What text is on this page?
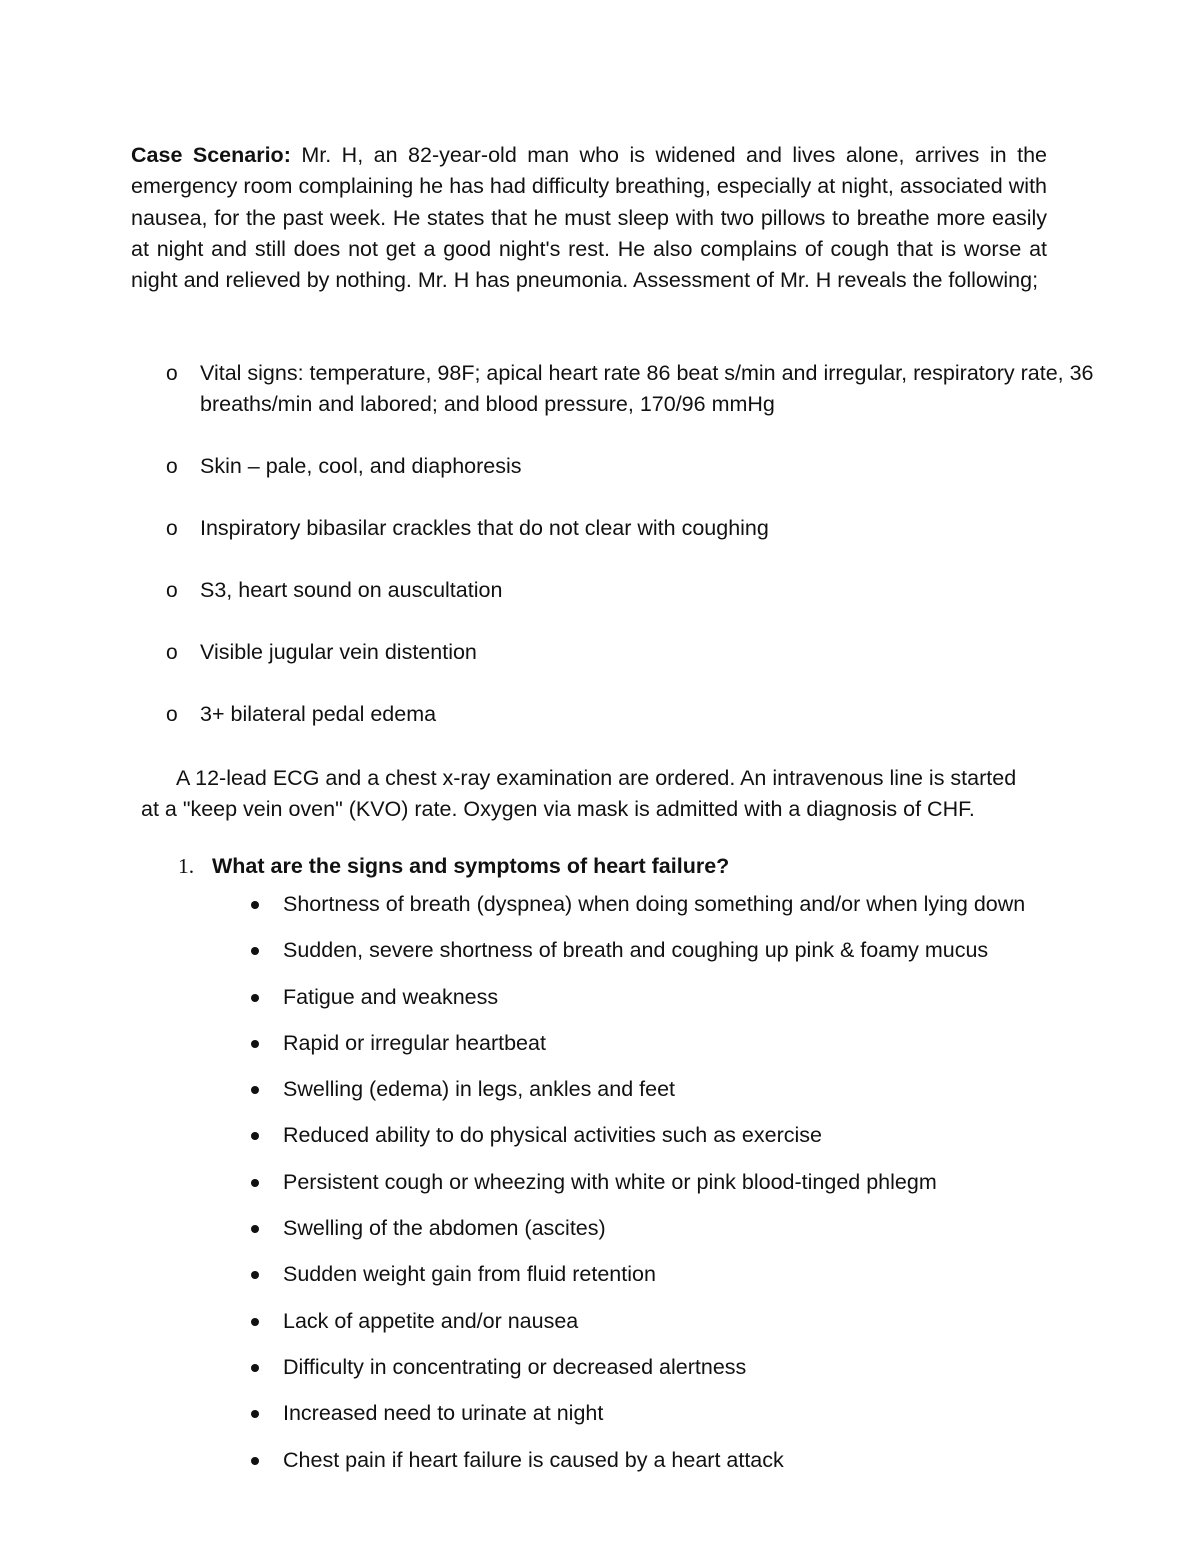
Case Scenario: Mr. H, an 82-year-old man who is widened and lives alone, arrives in the emergency room complaining he has had difficulty breathing, especially at night, associated with nausea, for the past week. He states that he must sleep with two pillows to breathe more easily at night and still does not get a good night's rest. He also complains of cough that is worse at night and relieved by nothing. Mr. H has pneumonia. Assessment of Mr. H reveals the following;

o Vital signs: temperature, 98F; apical heart rate 86 beat s/min and irregular, respiratory rate, 36 breaths/min and labored; and blood pressure, 170/96 mmHg
o Skin – pale, cool, and diaphoresis
o Inspiratory bibasilar crackles that do not clear with coughing
o S3, heart sound on auscultation
o Visible jugular vein distention
o 3+ bilateral pedal edema

A 12-lead ECG and a chest x-ray examination are ordered. An intravenous line is started
at a "keep vein oven" (KVO) rate. Oxygen via mask is admitted with a diagnosis of CHF.

1. What are the signs and symptoms of heart failure?

Shortness of breath (dyspnea) when doing something and/or when lying down
Sudden, severe shortness of breath and coughing up pink & foamy mucus
Fatigue and weakness
Rapid or irregular heartbeat
Swelling (edema) in legs, ankles and feet
Reduced ability to do physical activities such as exercise
Persistent cough or wheezing with white or pink blood-tinged phlegm
Swelling of the abdomen (ascites)
Sudden weight gain from fluid retention
Lack of appetite and/or nausea
Difficulty in concentrating or decreased alertness
Increased need to urinate at night
Chest pain if heart failure is caused by a heart attack
